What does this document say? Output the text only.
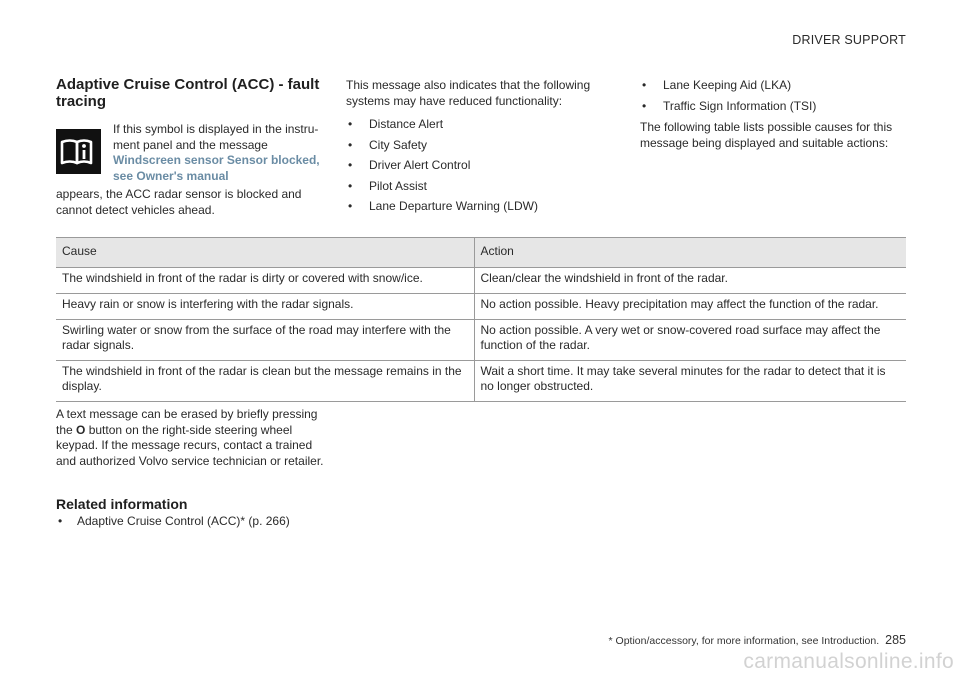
DRIVER SUPPORT
Adaptive Cruise Control (ACC) - fault tracing
If this symbol is displayed in the instru-ment panel and the message
Windscreen sensor Sensor blocked, see Owner's manual
appears, the ACC radar sensor is blocked and cannot detect vehicles ahead.

This message also indicates that the following systems may have reduced functionality:

• Distance Alert
• City Safety
• Driver Alert Control
• Pilot Assist
• Lane Departure Warning (LDW)
• Lane Keeping Aid (LKA)
• Traffic Sign Information (TSI)

The following table lists possible causes for this message being displayed and suitable actions:

Cause	Action
The windshield in front of the radar is dirty or covered with snow/ice.	Clean/clear the windshield in front of the radar.
Heavy rain or snow is interfering with the radar signals.	No action possible. Heavy precipitation may affect the function of the radar.
Swirling water or snow from the surface of the road may interfere with the radar signals.	No action possible. A very wet or snow-covered road surface may affect the function of the radar.
The windshield in front of the radar is clean but the message remains in the display.	Wait a short time. It may take several minutes for the radar to detect that it is no longer obstructed.
A text message can be erased by briefly pressing the O button on the right-side steering wheel keypad. If the message recurs, contact a trained and authorized Volvo service technician or retailer.
Related information
• Adaptive Cruise Control (ACC)* (p. 266)
* Option/accessory, for more information, see Introduction. 285
carmanualsonline.info
